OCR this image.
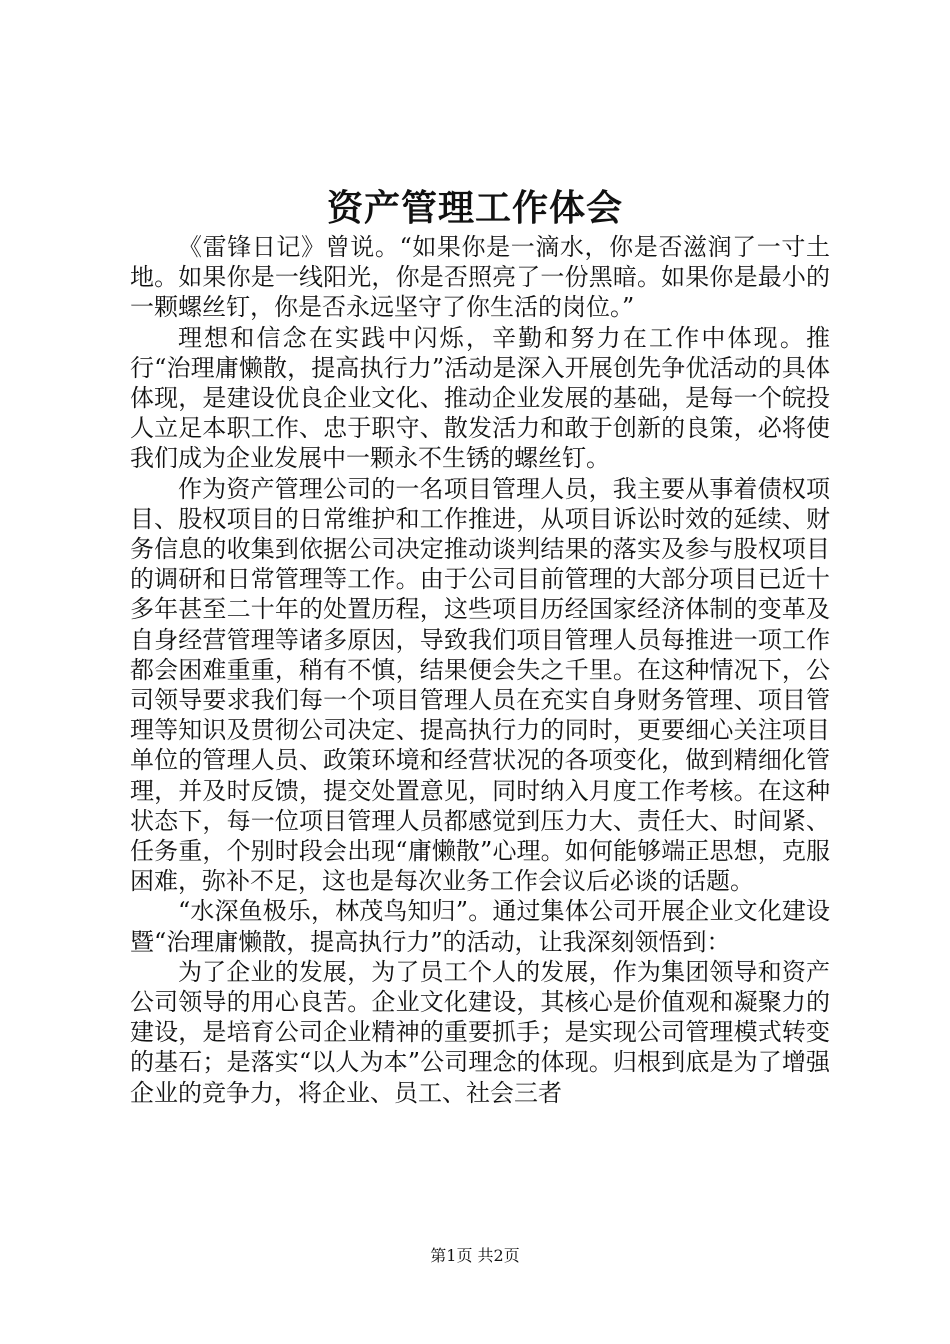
资产管理工作体会

《雷锋日记》曾说。“如果你是一滴水，你是否滋润了一寸土地。如果你是一线阳光，你是否照亮了一份黑暗。如果你是最小的一颗螺丝钉，你是否永远坚守了你生活的岗位。”

理想和信念在实践中闪烁，辛勤和努力在工作中体现。推行“治理庸懒散，提高执行力”活动是深入开展创先争优活动的具体体现，是建设优良企业文化、推动企业发展的基础，是每一个皖投人立足本职工作、忠于职守、散发活力和敢于创新的良策，必将使我们成为企业发展中一颗永不生锈的螺丝钉。

作为资产管理公司的一名项目管理人员，我主要从事着债权项目、股权项目的日常维护和工作推进，从项目诉讼时效的延续、财务信息的收集到依据公司决定推动谈判结果的落实及参与股权项目的调研和日常管理等工作。由于公司目前管理的大部分项目已近十多年甚至二十年的处置历程，这些项目历经国家经济体制的变革及自身经营管理等诸多原因，导致我们项目管理人员每推进一项工作都会困难重重，稍有不慎，结果便会失之千里。在这种情况下，公司领导要求我们每一个项目管理人员在充实自身财务管理、项目管理等知识及贯彻公司决定、提高执行力的同时，更要细心关注项目单位的管理人员、政策环境和经营状况的各项变化，做到精细化管理，并及时反馈，提交处置意见，同时纳入月度工作考核。在这种状态下，每一位项目管理人员都感觉到压力大、责任大、时间紧、任务重，个别时段会出现“庸懒散”心理。如何能够端正思想，克服困难，弥补不足，这也是每次业务工作会议后必谈的话题。

“水深鱼极乐，林茂鸟知归”。通过集体公司开展企业文化建设暨“治理庸懒散，提高执行力”的活动，让我深刻领悟到：

为了企业的发展，为了员工个人的发展，作为集团领导和资产公司领导的用心良苦。企业文化建设，其核心是价值观和凝聚力的建设，是培育公司企业精神的重要抓手；是实现公司管理模式转变的基石；是落实“以人为本”公司理念的体现。归根到底是为了增强企业的竞争力，将企业、员工、社会三者

第1页 共2页
